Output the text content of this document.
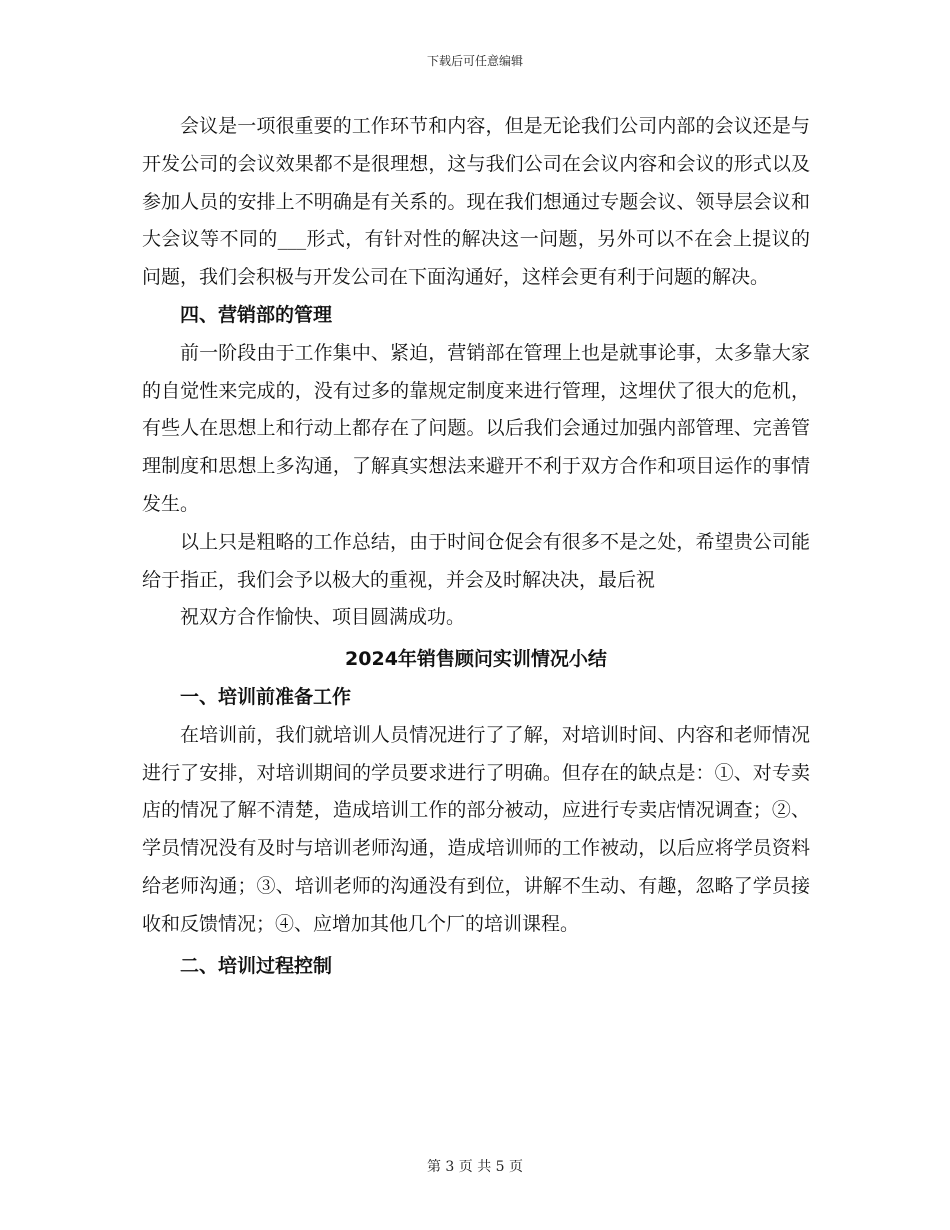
下载后可任意编辑

会议是一项很重要的工作环节和内容，但是无论我们公司内部的会议还是与开发公司的会议效果都不是很理想，这与我们公司在会议内容和会议的形式以及参加人员的安排上不明确是有关系的。现在我们想通过专题会议、领导层会议和大会议等不同的___形式，有针对性的解决这一问题，另外可以不在会上提议的问题，我们会积极与开发公司在下面沟通好，这样会更有利于问题的解决。

四、营销部的管理

前一阶段由于工作集中、紧迫，营销部在管理上也是就事论事，太多靠大家的自觉性来完成的，没有过多的靠规定制度来进行管理，这埋伏了很大的危机，有些人在思想上和行动上都存在了问题。以后我们会通过加强内部管理、完善管理制度和思想上多沟通，了解真实想法来避开不利于双方合作和项目运作的事情发生。

以上只是粗略的工作总结，由于时间仓促会有很多不是之处，希望贵公司能给于指正，我们会予以极大的重视，并会及时解决决，最后祝

祝双方合作愉快、项目圆满成功。

2024年销售顾问实训情况小结

一、培训前准备工作

在培训前，我们就培训人员情况进行了了解，对培训时间、内容和老师情况进行了安排，对培训期间的学员要求进行了明确。但存在的缺点是：①、对专卖店的情况了解不清楚，造成培训工作的部分被动，应进行专卖店情况调查；②、学员情况没有及时与培训老师沟通，造成培训师的工作被动，以后应将学员资料给老师沟通；③、培训老师的沟通没有到位，讲解不生动、有趣，忽略了学员接收和反馈情况；④、应增加其他几个厂的培训课程。

二、培训过程控制

第 3 页 共 5 页
